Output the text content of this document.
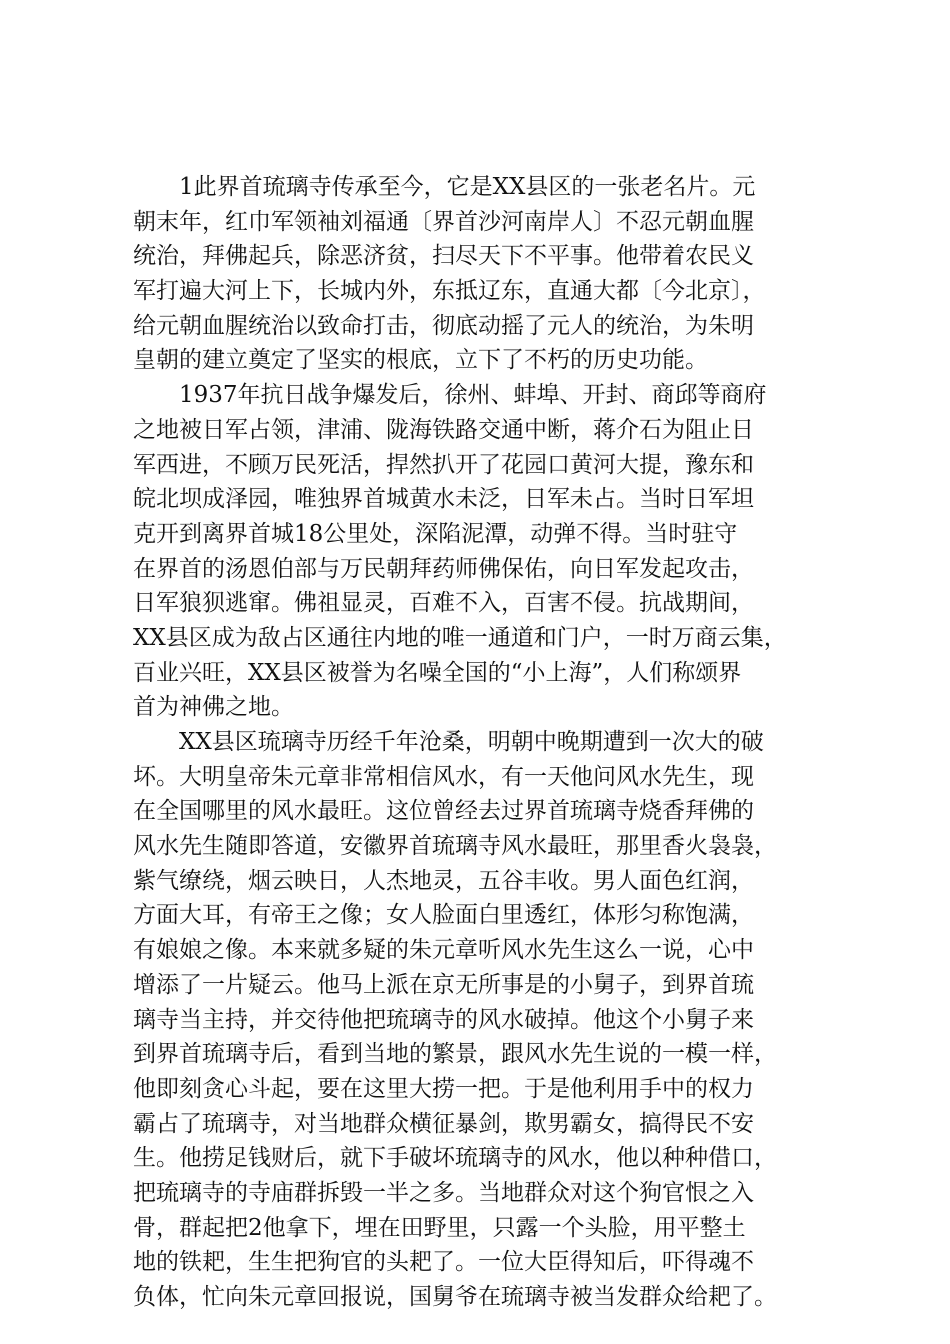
1此界首琉璃寺传承至今，它是XX县区的一张老名片。元
朝末年，红巾军领袖刘福通〔界首沙河南岸人〕不忍元朝血腥
统治，拜佛起兵，除恶济贫，扫尽天下不平事。他带着农民义
军打遍大河上下，长城内外，东抵辽东，直通大都〔今北京〕，
给元朝血腥统治以致命打击，彻底动摇了元人的统治，为朱明
皇朝的建立奠定了坚实的根底，立下了不朽的历史功能。
1937年抗日战争爆发后，徐州、蚌埠、开封、商邱等商府
之地被日军占领，津浦、陇海铁路交通中断，蒋介石为阻止日
军西进，不顾万民死活，捍然扒开了花园口黄河大提，豫东和
皖北坝成泽园，唯独界首城黄水未泛，日军未占。当时日军坦
克开到离界首城18公里处，深陷泥潭，动弹不得。当时驻守
在界首的汤恩伯部与万民朝拜药师佛保佑，向日军发起攻击，
日军狼狈逃窜。佛祖显灵，百难不入，百害不侵。抗战期间，
XX县区成为敌占区通往内地的唯一通道和门户，一时万商云集，
百业兴旺，XX县区被誉为名噪全国的“小上海”，人们称颂界
首为神佛之地。
XX县区琉璃寺历经千年沧桑，明朝中晚期遭到一次大的破
坏。大明皇帝朱元章非常相信风水，有一天他问风水先生，现
在全国哪里的风水最旺。这位曾经去过界首琉璃寺烧香拜佛的
风水先生随即答道，安徽界首琉璃寺风水最旺，那里香火袅袅，
紫气缭绕，烟云映日，人杰地灵，五谷丰收。男人面色红润，
方面大耳，有帝王之像；女人脸面白里透红，体形匀称饱满，
有娘娘之像。本来就多疑的朱元章听风水先生这么一说，心中
增添了一片疑云。他马上派在京无所事是的小舅子，到界首琉
璃寺当主持，并交待他把琉璃寺的风水破掉。他这个小舅子来
到界首琉璃寺后，看到当地的繁景，跟风水先生说的一模一样，
他即刻贪心斗起，要在这里大捞一把。于是他利用手中的权力
霸占了琉璃寺，对当地群众横征暴剑，欺男霸女，搞得民不安
生。他捞足钱财后，就下手破坏琉璃寺的风水，他以种种借口，
把琉璃寺的寺庙群拆毁一半之多。当地群众对这个狗官恨之入
骨，群起把2他拿下，埋在田野里，只露一个头脸，用平整土
地的铁耙，生生把狗官的头耙了。一位大臣得知后，吓得魂不
负体，忙向朱元章回报说，国舅爷在琉璃寺被当发群众给耙了。
